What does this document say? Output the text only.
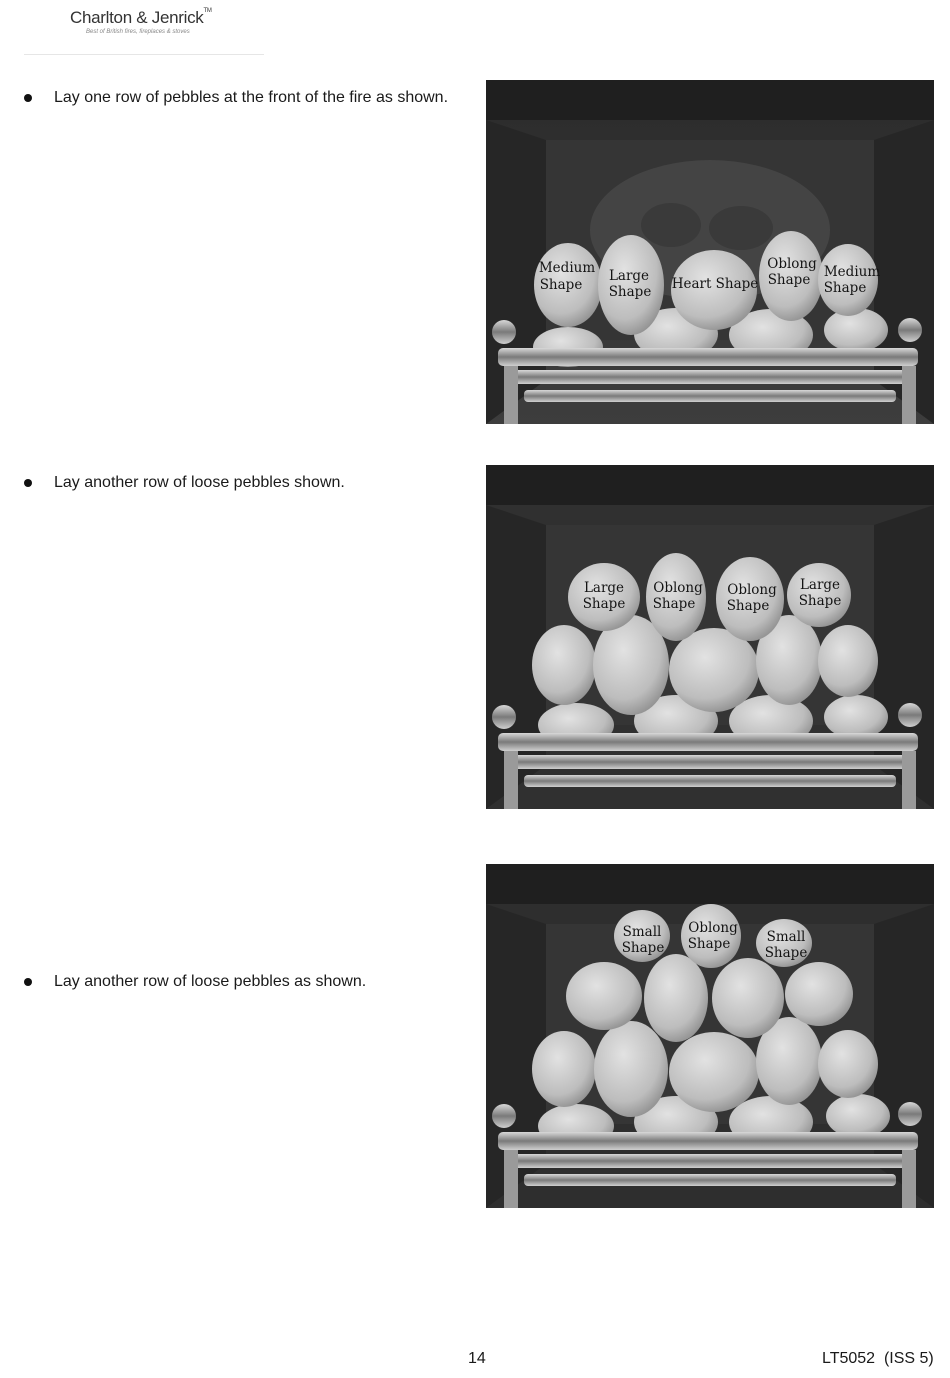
Charlton & Jenrick™
Best of British fires, fireplaces & stoves
Lay one row of pebbles at the front of the fire as shown.
Medium Shape
Large Shape Heart Shape
Oblong Shape	Medium Shape
Lay another row of loose pebbles shown.
Large Shape
Oblong Shape
Oblong Shape
Large Shape
Lay another row of loose pebbles as shown.
Small Shape
Oblong Shape	Small Shape
14	LT5052  (ISS 5)
